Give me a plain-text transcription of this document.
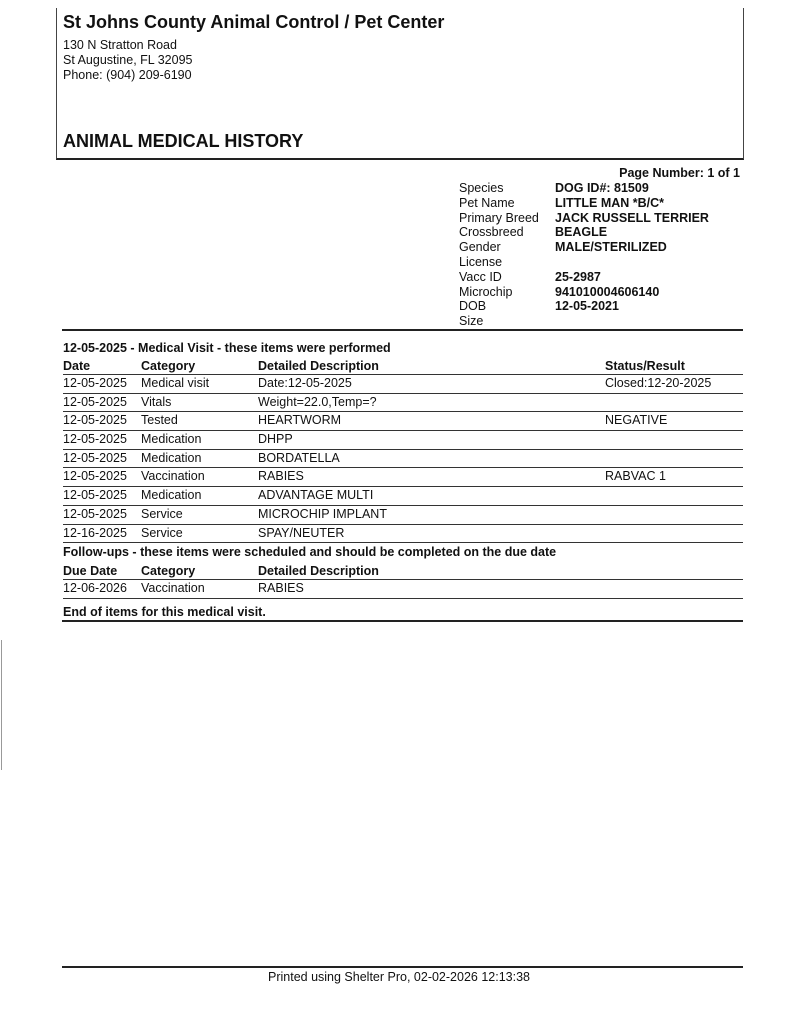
St Johns County Animal Control / Pet Center
130 N Stratton Road
St Augustine, FL 32095
Phone: (904) 209-6190
ANIMAL MEDICAL HISTORY
Page Number: 1 of 1
Species	DOG ID#: 81509
Pet Name	LITTLE MAN *B/C*
Primary Breed	JACK RUSSELL TERRIER
Crossbreed	BEAGLE
Gender	MALE/STERILIZED
License
Vacc ID	25-2987
Microchip	941010004606140
DOB	12-05-2021
Size
12-05-2025 - Medical Visit - these items were performed
Date	Category	Detailed Description	Status/Result
12-05-2025	Medical visit	Date:12-05-2025	Closed:12-20-2025
12-05-2025	Vitals	Weight=22.0,Temp=?
12-05-2025	Tested	HEARTWORM	NEGATIVE
12-05-2025	Medication	DHPP
12-05-2025	Medication	BORDATELLA
12-05-2025	Vaccination	RABIES	RABVAC 1
12-05-2025	Medication	ADVANTAGE MULTI
12-05-2025	Service	MICROCHIP IMPLANT
12-16-2025	Service	SPAY/NEUTER
Follow-ups - these items were scheduled and should be completed on the due date
Due Date	Category	Detailed Description
12-06-2026	Vaccination	RABIES
End of items for this medical visit.
Printed using Shelter Pro, 02-02-2026 12:13:38
